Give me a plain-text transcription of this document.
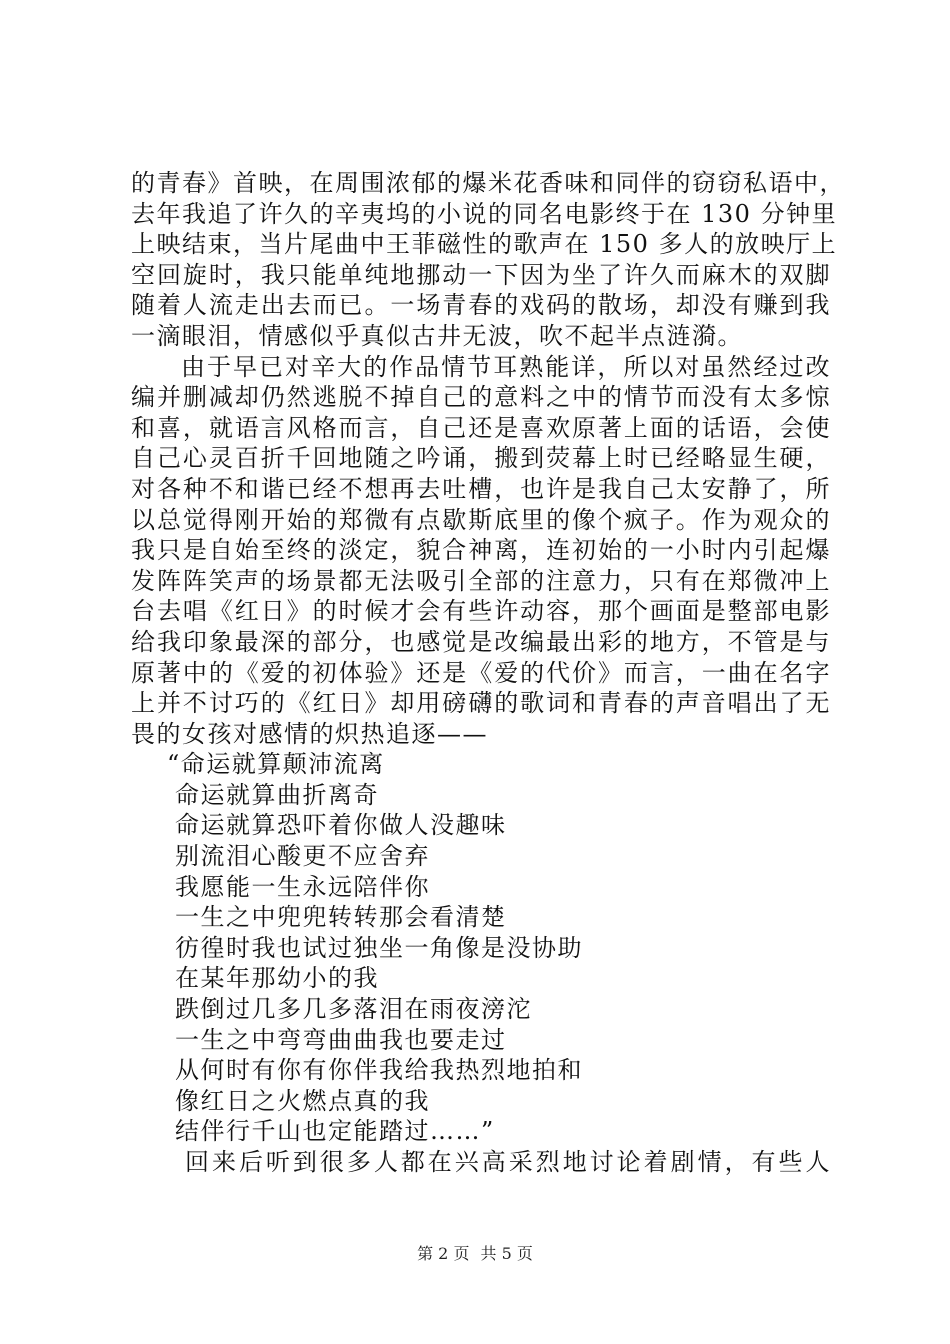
的青春》首映，在周围浓郁的爆米花香味和同伴的窃窃私语中，
去年我追了许久的辛夷坞的小说的同名电影终于在 130 分钟里
上映结束，当片尾曲中王菲磁性的歌声在 150 多人的放映厅上
空回旋时，我只能单纯地挪动一下因为坐了许久而麻木的双脚
随着人流走出去而已。一场青春的戏码的散场，却没有赚到我
一滴眼泪，情感似乎真似古井无波，吹不起半点涟漪。
由于早已对辛大的作品情节耳熟能详，所以对虽然经过改
编并删减却仍然逃脱不掉自己的意料之中的情节而没有太多惊
和喜，就语言风格而言，自己还是喜欢原著上面的话语，会使
自己心灵百折千回地随之吟诵，搬到荧幕上时已经略显生硬，
对各种不和谐已经不想再去吐槽，也许是我自己太安静了，所
以总觉得刚开始的郑微有点歇斯底里的像个疯子。作为观众的
我只是自始至终的淡定，貌合神离，连初始的一小时内引起爆
发阵阵笑声的场景都无法吸引全部的注意力，只有在郑微冲上
台去唱《红日》的时候才会有些许动容，那个画面是整部电影
给我印象最深的部分，也感觉是改编最出彩的地方，不管是与
原著中的《爱的初体验》还是《爱的代价》而言，一曲在名字
上并不讨巧的《红日》却用磅礴的歌词和青春的声音唱出了无
畏的女孩对感情的炽热追逐——
“命运就算颠沛流离
命运就算曲折离奇
命运就算恐吓着你做人没趣味
别流泪心酸更不应舍弃
我愿能一生永远陪伴你
一生之中兜兜转转那会看清楚
彷徨时我也试过独坐一角像是没协助
在某年那幼小的我
跌倒过几多几多落泪在雨夜滂沱
一生之中弯弯曲曲我也要走过
从何时有你有你伴我给我热烈地拍和
像红日之火燃点真的我
结伴行千山也定能踏过……”
回来后听到很多人都在兴高采烈地讨论着剧情，有些人
第 2 页 共 5 页
